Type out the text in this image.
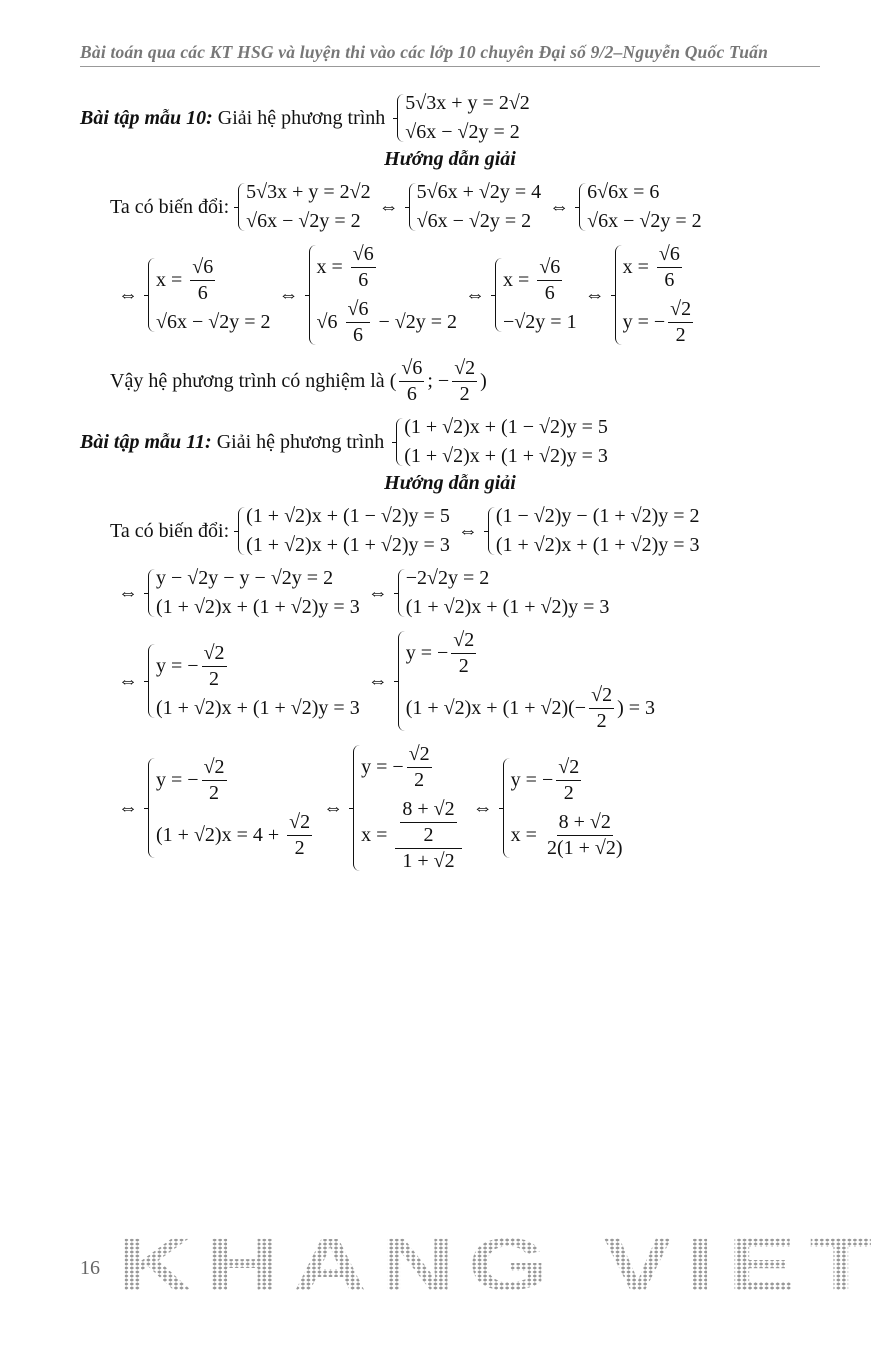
Bài toán qua các KT HSG và luyện thi vào các lớp 10 chuyên Đại số 9/2–Nguyễn Quốc Tuấn
Bài tập mẫu 10: Giải hệ phương trình
5√3x + y = 2√2
√6x − √2y = 2
Hướng dẫn giải
Ta có biến đổi:
5√3x + y = 2√2
√6x − √2y = 2
⇔
5√6x + √2y = 4
√6x − √2y = 2
⇔
6√6x = 6
√6x − √2y = 2
⇔
$x = \frac{√6}{6}$
√6x − √2y = 2
⇔
$x = \frac{√6}{6}$
$√6 \frac{√6}{6} - √2y = 2$
⇔
$x = \frac{√6}{6}$
−√2y = 1
⇔
$x = \frac{√6}{6}$
y = − $\frac{√2}{2}$
Vậy hệ phương trình có nghiệm là ( $\frac{√6}{6}$ ; − $\frac{√2}{2}$ )
Bài tập mẫu 11: Giải hệ phương trình
(1 + √2)x + (1 − √2)y = 5
(1 + √2)x + (1 + √2)y = 3
Hướng dẫn giải
Ta có biến đổi:
(1 + √2)x + (1 − √2)y = 5
(1 + √2)x + (1 + √2)y = 3
⇔
(1 − √2)y − (1 + √2)y = 2
(1 + √2)x + (1 + √2)y = 3
⇔
y − √2y − y − √2y = 2
(1 + √2)x + (1 + √2)y = 3
⇔
−2√2y = 2
(1 + √2)x + (1 + √2)y = 3
⇔
y = − $\frac{√2}{2}$
(1 + √2)x + (1 + √2)y = 3
⇔
y = − $\frac{√2}{2}$
$(1 + √2)x + (1 + √2)(- \frac{√2}{2}$ ) = 3
⇔
y = − $\frac{√2}{2}$
$(1 + √2)x = 4 + \frac{√2}{2}$
⇔
y = − $\frac{√2}{2}$
$x = \frac{\frac{8 + √2}{2}}{1 + √2}$ ⇔
y = − $\frac{√2}{2}$
$x = \frac{8 + √2}{2(1 + √2)}$
16 KHANG VIET
